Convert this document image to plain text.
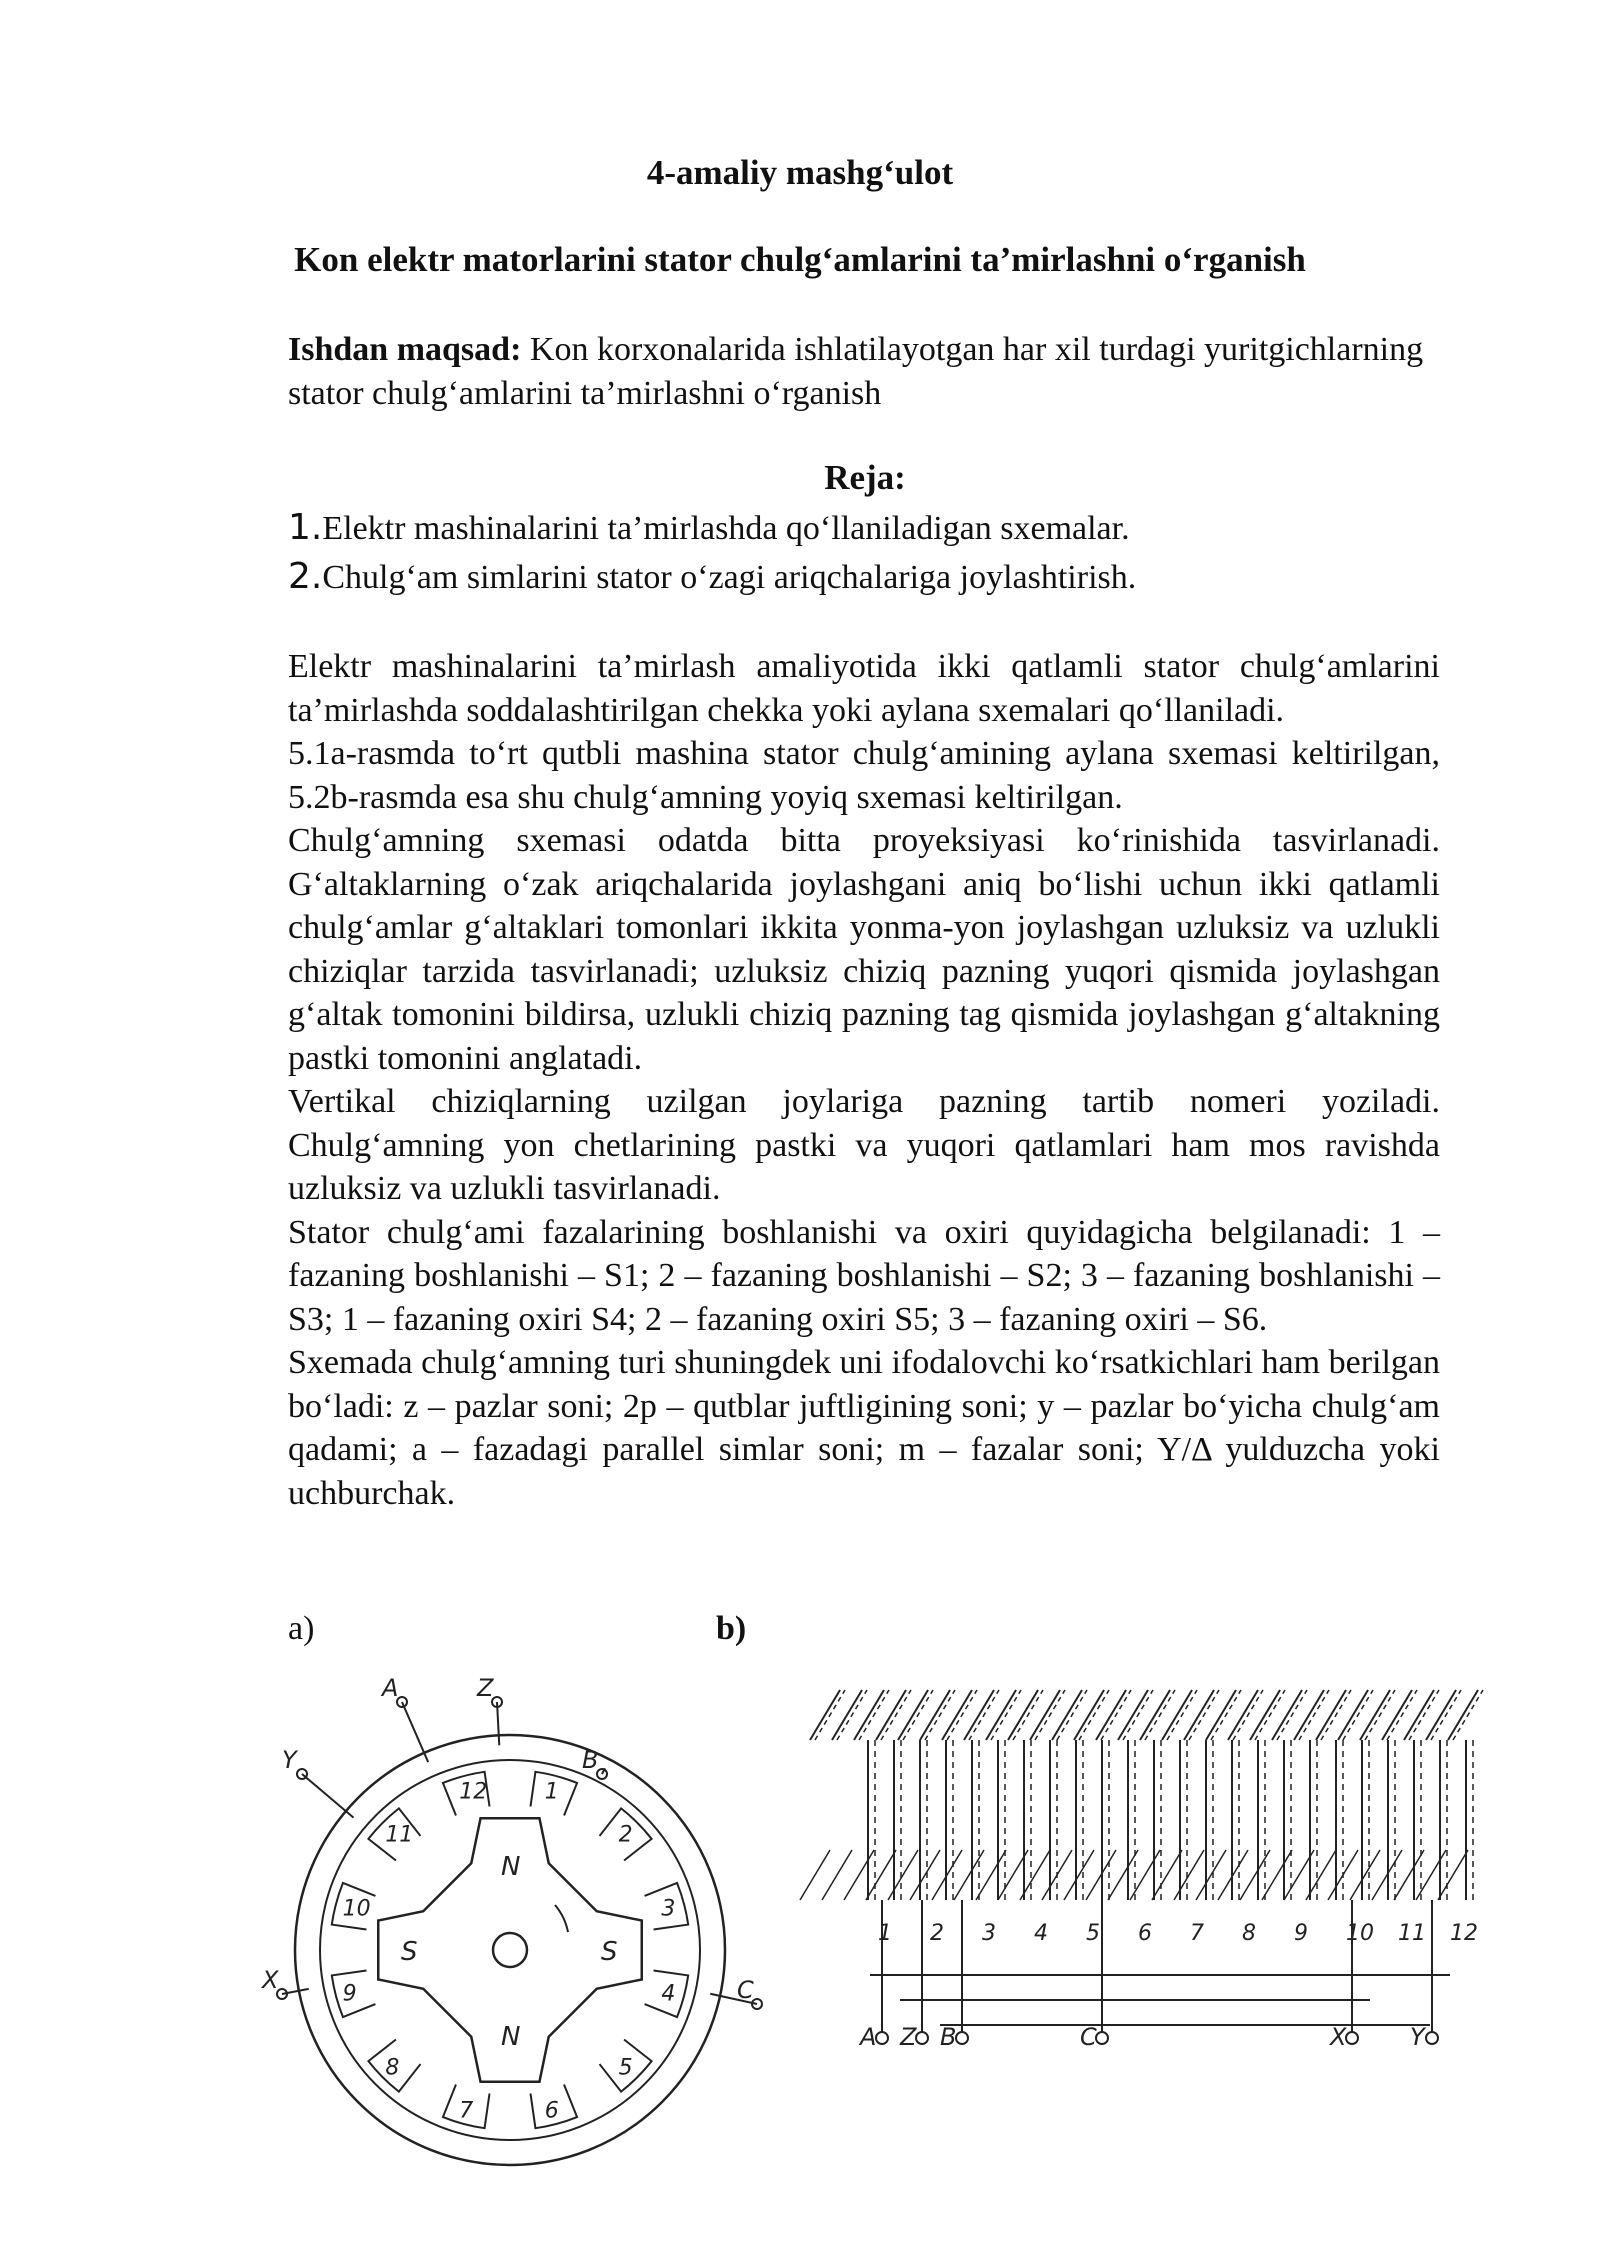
4-amaliy mashg‘ulot
Kon elektr matorlarini stator chulg‘amlarini ta’mirlashni o‘rganish
Ishdan maqsad: Kon korxonalarida ishlatilayotgan har xil turdagi yuritgichlarning stator chulg‘amlarini ta’mirlashni o‘rganish
Reja:
1.Elektr mashinalarini ta’mirlashda qo‘llaniladigan sxemalar.
2.Chulg‘am simlarini stator o‘zagi ariqchalariga joylashtirish.

Elektr mashinalarini ta’mirlash amaliyotida ikki qatlamli stator chulg‘amlarini ta’mirlashda soddalashtirilgan chekka yoki aylana sxemalari qo‘llaniladi.

5.1a-rasmda to‘rt qutbli mashina stator chulg‘amining aylana sxemasi keltirilgan, 5.2b-rasmda esa shu chulg‘amning yoyiq sxemasi keltirilgan.

Chulg‘amning sxemasi odatda bitta proyeksiyasi ko‘rinishida tasvirlanadi. G‘altaklarning o‘zak ariqchalarida joylashgani aniq bo‘lishi uchun ikki qatlamli chulg‘amlar g‘altaklari tomonlari ikkita yonma-yon joylashgan uzluksiz va uzlukli chiziqlar tarzida tasvirlanadi; uzluksiz chiziq pazning yuqori qismida joylashgan g‘altak tomonini bildirsa, uzlukli chiziq pazning tag qismida joylashgan g‘altakning pastki tomonini anglatadi.

Vertikal chiziqlarning uzilgan joylariga pazning tartib nomeri yoziladi. Chulg‘amning yon chetlarining pastki va yuqori qatlamlari ham mos ravishda uzluksiz va uzlukli tasvirlanadi.

Stator chulg‘ami fazalarining boshlanishi va oxiri quyidagicha belgilanadi: 1 – fazaning boshlanishi – S1; 2 – fazaning boshlanishi – S2; 3 – fazaning boshlanishi – S3; 1 – fazaning oxiri S4; 2 – fazaning oxiri S5; 3 – fazaning oxiri – S6.

Sxemada chulg‘amning turi shuningdek uni ifodalovchi ko‘rsatkichlari ham berilgan bo‘ladi: z – pazlar soni; 2p – qutblar juftligining soni; y – pazlar bo‘yicha chulg‘am qadami; a – fazadagi parallel simlar soni; m – fazalar soni; Y/Δ yulduzcha yoki uchburchak.

a)	b)
N
S
N
S
1
2
3
4
5
6
7
8
9
10
11
12
A	Z
B
C
Y
X
1 2 3 4 5 6 7 8 9 10 11 12
A Z B	C	X	Y
